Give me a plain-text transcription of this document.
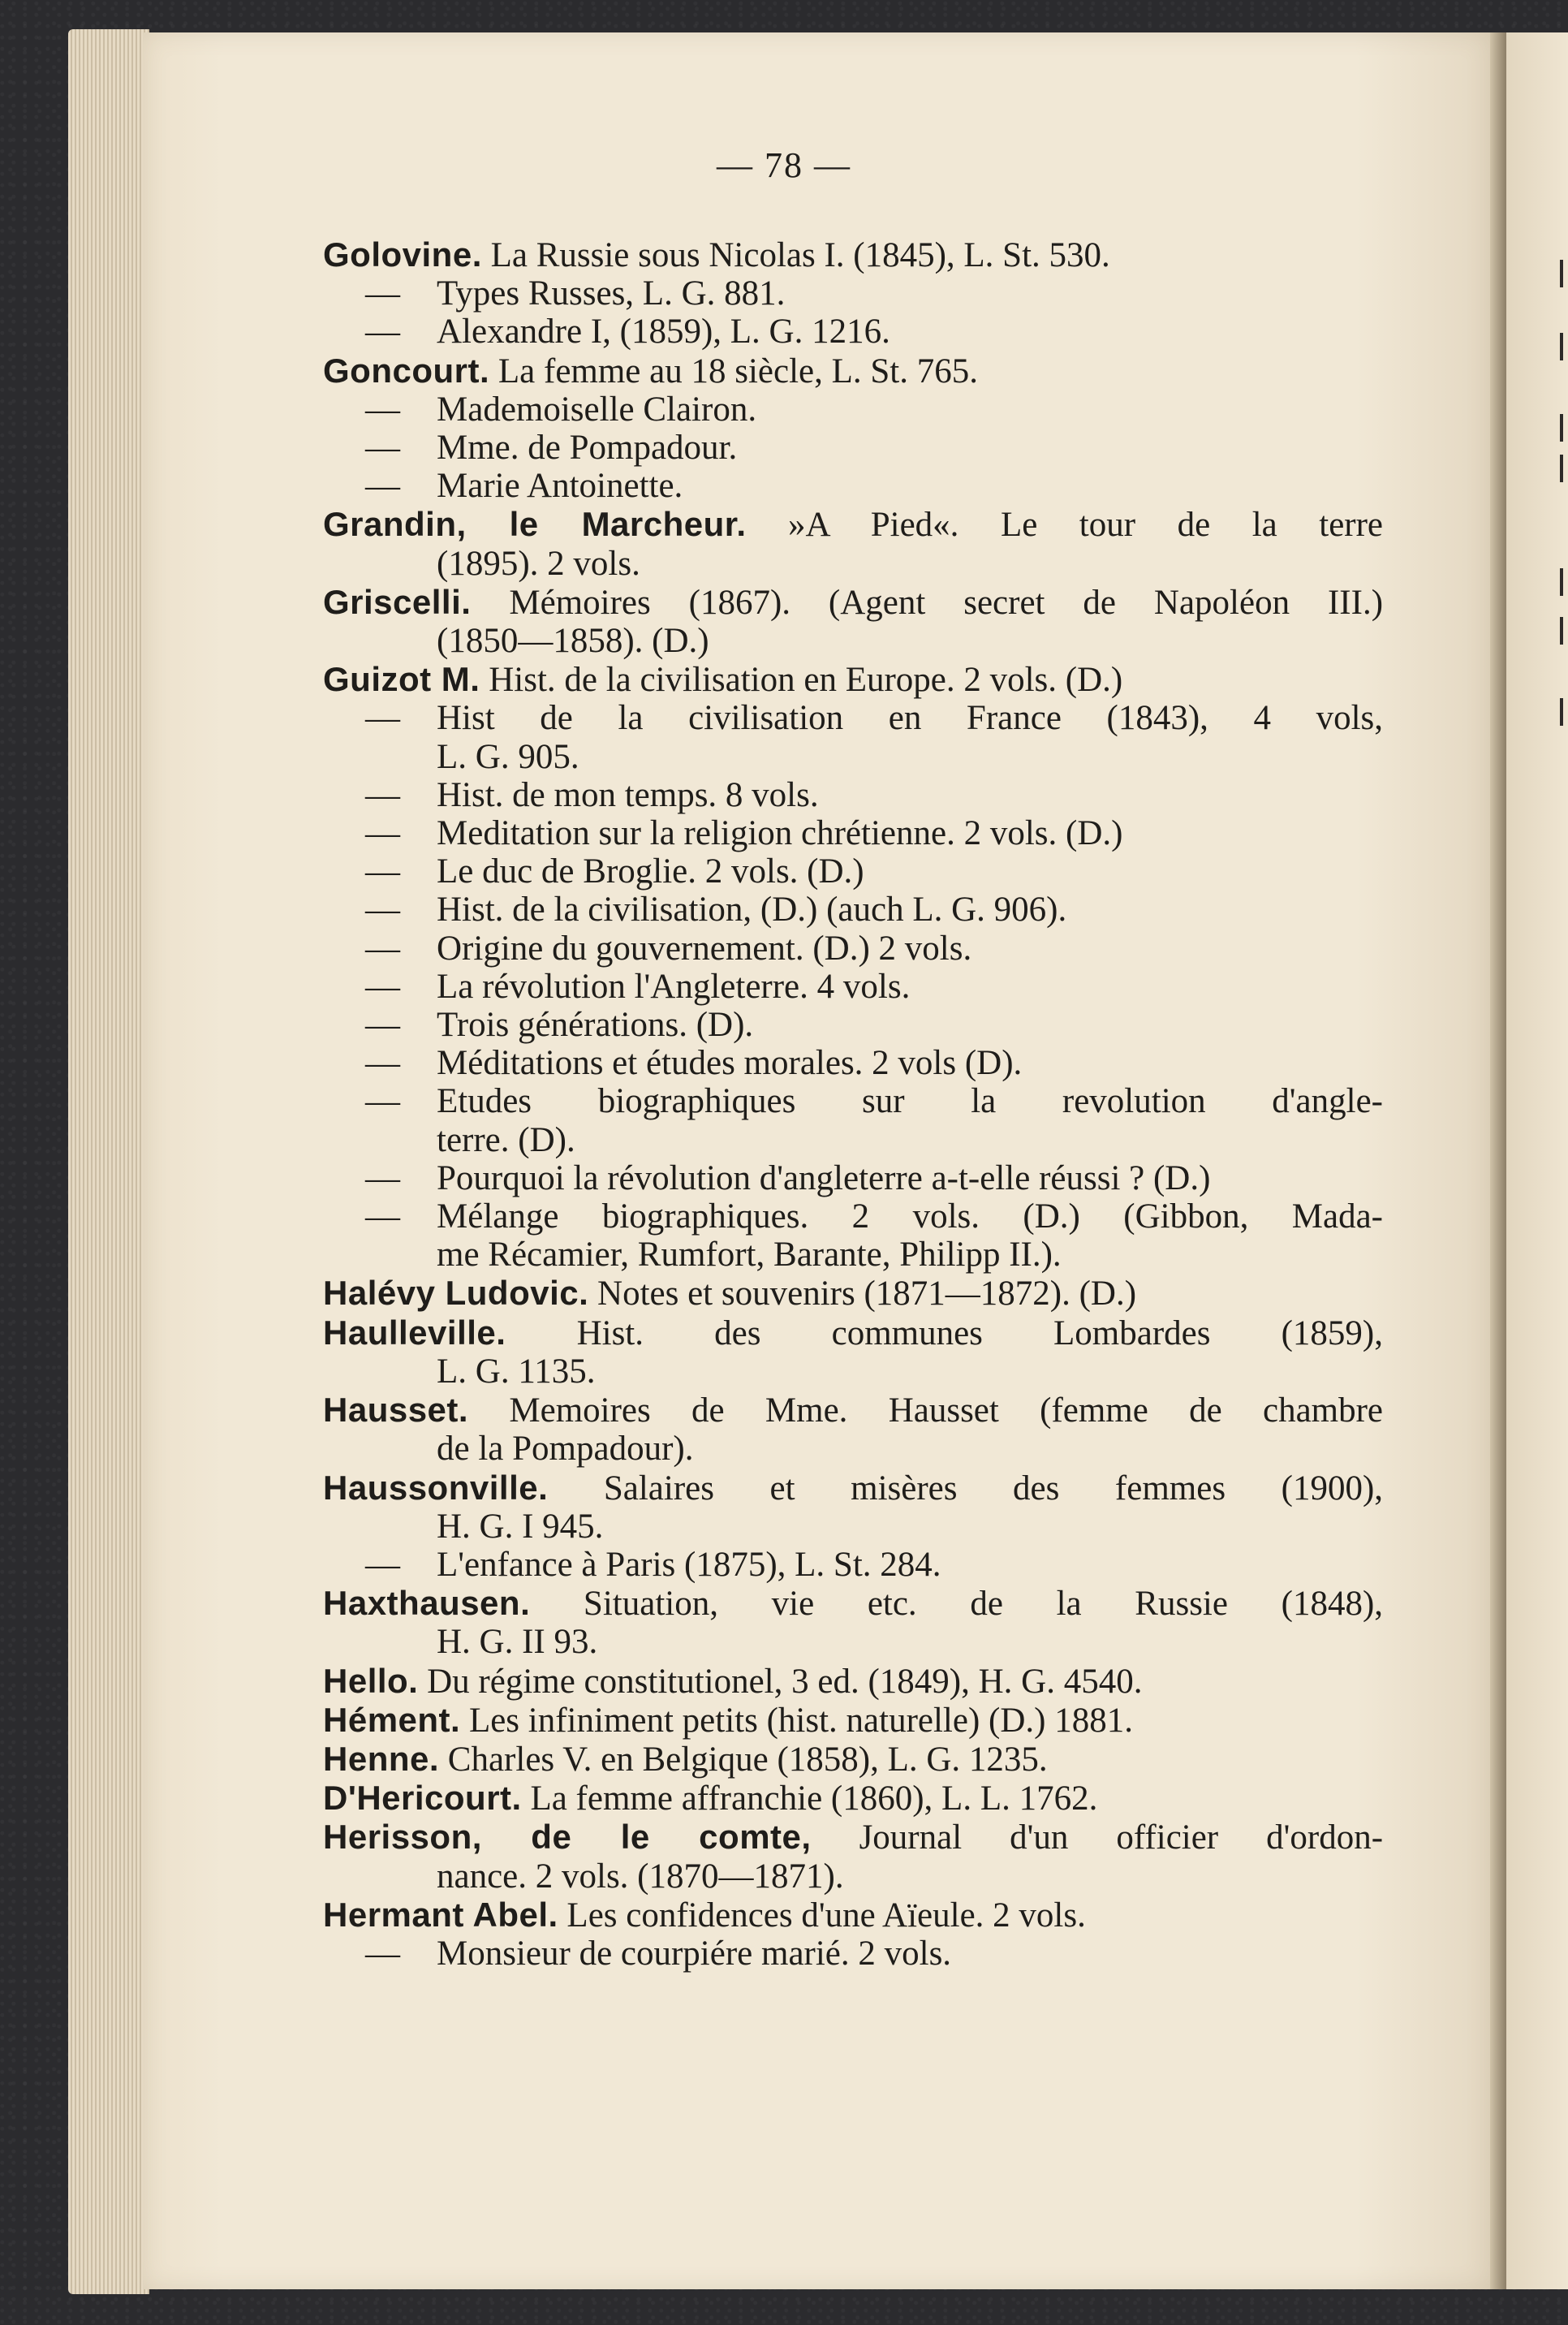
— 78 —
Golovine. La Russie sous Nicolas I. (1845), L. St. 530.
— Types Russes, L. G. 881.
— Alexandre I, (1859), L. G. 1216.
Goncourt. La femme au 18 siècle, L. St. 765.
— Mademoiselle Clairon.
— Mme. de Pompadour.
— Marie Antoinette.
Grandin, le Marcheur. »A Pied«. Le tour de la terre
(1895). 2 vols.
Griscelli. Mémoires (1867). (Agent secret de Napoléon III.)
(1850—1858). (D.)
Guizot M. Hist. de la civilisation en Europe. 2 vols. (D.)
— Hist de la civilisation en France (1843), 4 vols,
L. G. 905.
— Hist. de mon temps. 8 vols.
— Meditation sur la religion chrétienne. 2 vols. (D.)
— Le duc de Broglie. 2 vols. (D.)
— Hist. de la civilisation, (D.) (auch L. G. 906).
— Origine du gouvernement. (D.) 2 vols.
— La révolution l'Angleterre. 4 vols.
— Trois générations. (D).
— Méditations et études morales. 2 vols (D).
— Etudes biographiques sur la revolution d'angle-
terre. (D).
— Pourquoi la révolution d'angleterre a-t-elle réussi ? (D.)
— Mélange biographiques. 2 vols. (D.) (Gibbon, Mada-
me Récamier, Rumfort, Barante, Philipp II.).
Halévy Ludovic. Notes et souvenirs (1871—1872). (D.)
Haulleville. Hist. des communes Lombardes (1859),
L. G. 1135.
Hausset. Memoires de Mme. Hausset (femme de chambre
de la Pompadour).
Haussonville. Salaires et misères des femmes (1900),
H. G. I 945.
— L'enfance à Paris (1875), L. St. 284.
Haxthausen. Situation, vie etc. de la Russie (1848),
H. G. II 93.
Hello. Du régime constitutionel, 3 ed. (1849), H. G. 4540.
Hément. Les infiniment petits (hist. naturelle) (D.) 1881.
Henne. Charles V. en Belgique (1858), L. G. 1235.
D'Hericourt. La femme affranchie (1860), L. L. 1762.
Herisson, de le comte, Journal d'un officier d'ordon-
nance. 2 vols. (1870—1871).
Hermant Abel. Les confidences d'une Aïeule. 2 vols.
— Monsieur de courpiére marié. 2 vols.
